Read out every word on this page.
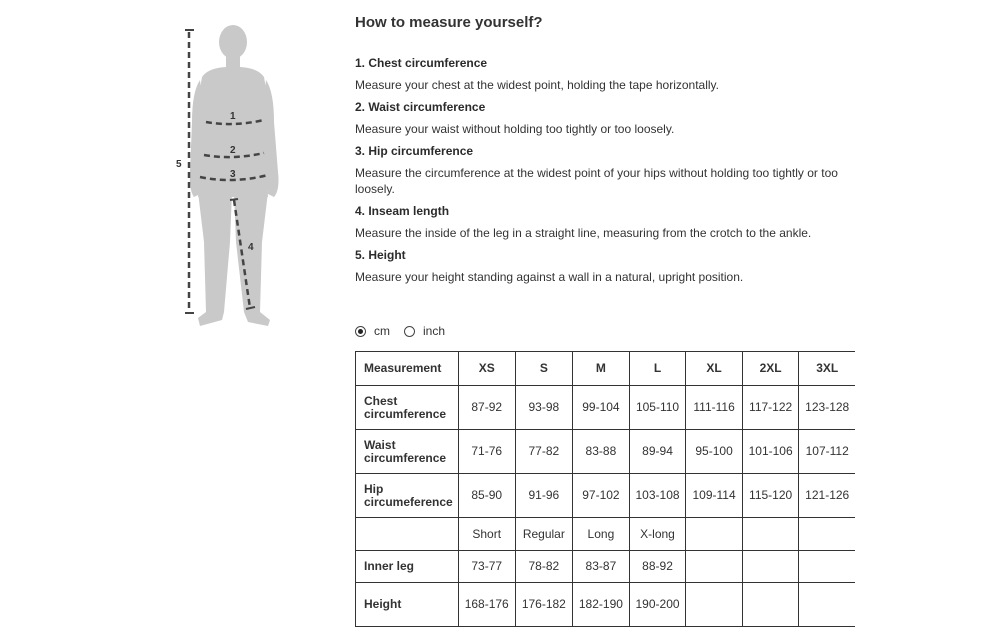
1
2
3
4
5
How to measure yourself?
1. Chest circumference
Measure your chest at the widest point, holding the tape horizontally.
2. Waist circumference
Measure your waist without holding too tightly or too loosely.
3. Hip circumference
Measure the circumference at the widest point of your hips without holding too tightly or too loosely.
4. Inseam length
Measure the inside of the leg in a straight line, measuring from the crotch to the ankle.
5. Height
Measure your height standing against a wall in a natural, upright position.
cm	inch
Measurement	XS	S	M	L	XL	2XL	3XL
Chest circumference	87-92	93-98	99-104	105-110	111-116	117-122	123-128
Waist circumference	71-76	77-82	83-88	89-94	95-100	101-106	107-112
Hip circumeference	85-90	91-96	97-102	103-108	109-114	115-120	121-126
	Short	Regular	Long	X-long			
Inner leg	73-77	78-82	83-87	88-92			
Height	168-176	176-182	182-190	190-200			
